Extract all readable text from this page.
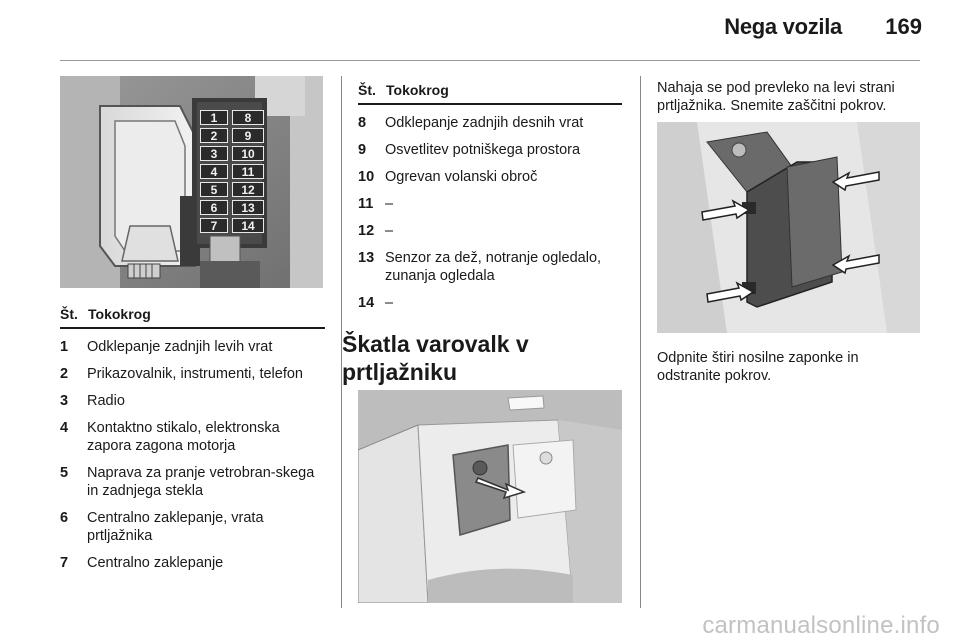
Nega vozila 169
1
2
3
4
5
6
7
8
9
10
11
12
13
14
Št. Tokokrog
1	Odklepanje zadnjih levih vrat
2	Prikazovalnik, instrumenti, telefon
3	Radio
4	Kontaktno stikalo, elektronska zapora zagona motorja
5	Naprava za pranje vetrobran-skega in zadnjega stekla
6	Centralno zaklepanje, vrata prtljažnika
7	Centralno zaklepanje
Št. Tokokrog
8	Odklepanje zadnjih desnih vrat
9	Osvetlitev potniškega prostora
10 Ogrevan volanski obroč
11 –
12 –
13 Senzor za dež, notranje ogledalo, zunanja ogledala
14 –
Škatla varovalk v prtljažniku
Nahaja se pod prevleko na levi strani prtljažnika. Snemite zaščitni pokrov.
Odpnite štiri nosilne zaponke in odstranite pokrov.
carmanualsonline.info
